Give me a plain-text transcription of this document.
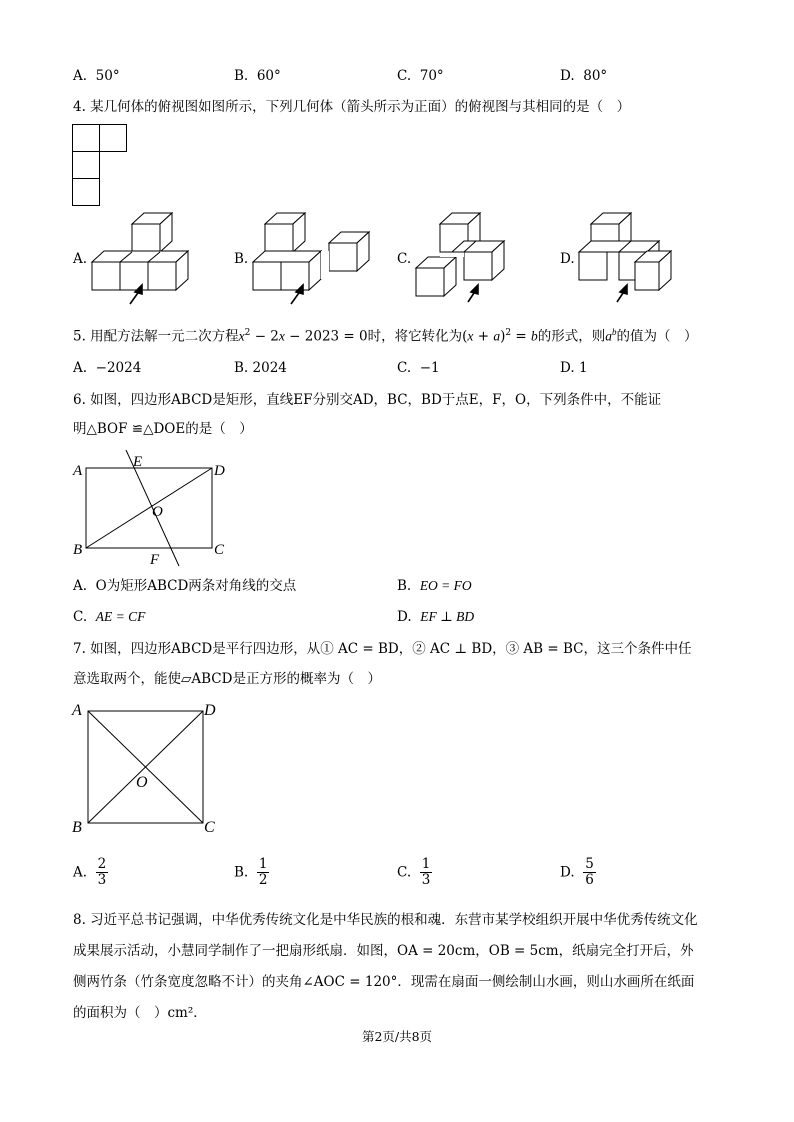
A. 50°	B. 60°	C. 70°	D. 80°
4. 某几何体的俯视图如图所示，下列几何体（箭头所示为正面）的俯视图与其相同的是（　）
A.	B.	C.	D.
5. 用配方法解一元二次方程$x^2 - 2x - 2023 = 0$时，将它转化为$(x + a)^2 = b$的形式，则$a^b$的值为（　）
A. −2024	B. 2024	C. −1	D. 1
6. 如图，四边形ABCD是矩形，直线EF分别交AD，BC，BD于点E，F，O，下列条件中，不能证
明△BOF ≌△DOE的是（　）
A
B	C
D
E
F
O
A. O为矩形ABCD两条对角线的交点	B. EO = FO
C. AE = CF	D. EF ⊥ BD
7. 如图，四边形ABCD是平行四边形，从① AC = BD，② AC ⊥ BD，③ AB = BC，这三个条件中任
意选取两个，能使▱ABCD是正方形的概率为（　）
A
B	C
D
O
A. $\frac{2}{3}$	B. $\frac{1}{2}$	C. $\frac{1}{3}$	D. $\frac{5}{6}$
8. 习近平总书记强调，中华优秀传统文化是中华民族的根和魂．东营市某学校组织开展中华优秀传统文化
成果展示活动，小慧同学制作了一把扇形纸扇．如图，OA = 20cm，OB = 5cm，纸扇完全打开后，外
侧两竹条（竹条宽度忽略不计）的夹角∠AOC = 120°．现需在扇面一侧绘制山水画，则山水画所在纸面
的面积为（　）cm²．
第2页/共8页
